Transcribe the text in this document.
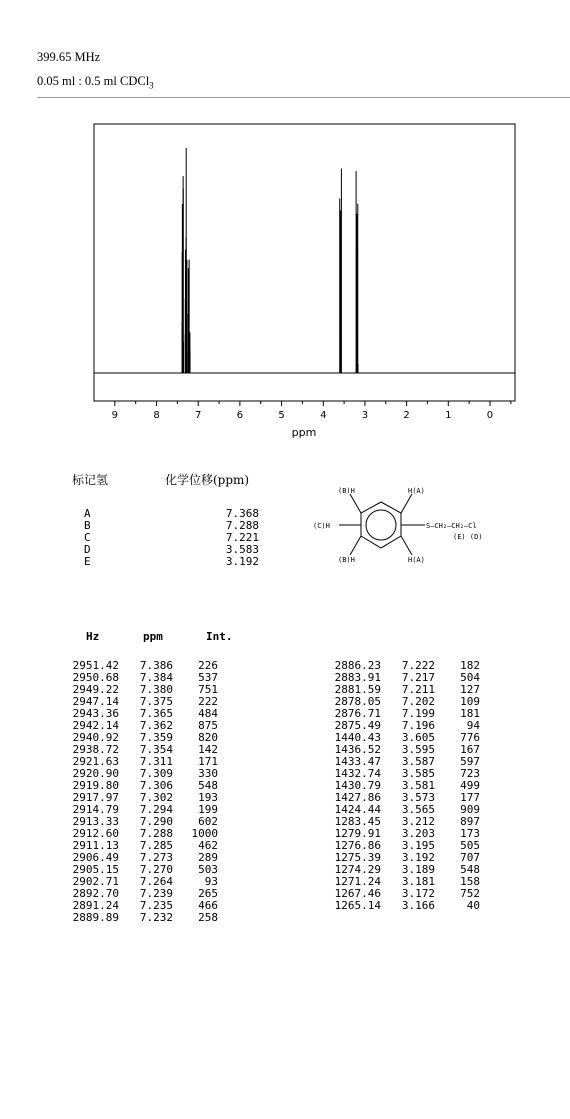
399.65 MHz
0.05 ml : 0.5 ml CDCl$_3$
9	8	7	6	5	4	3	2	1	0
ppm
标记氢	化学位移(ppm)
A	7.368
B	7.288
C	7.221
D	3.583
E	3.192
(B)H	H(A)
(B)H	H(A)
(C)H	S—CH₂—CH₂—Cl
(E) (D)
Hz	ppm	Int.
2951.42	7.386	226
2950.68	7.384	537
2949.22	7.380	751
2947.14	7.375	222
2943.36	7.365	484
2942.14	7.362	875
2940.92	7.359	820
2938.72	7.354	142
2921.63	7.311	171
2920.90	7.309	330
2919.80	7.306	548
2917.97	7.302	193
2914.79	7.294	199
2913.33	7.290	602
2912.60	7.288	1000
2911.13	7.285	462
2906.49	7.273	289
2905.15	7.270	503
2902.71	7.264	93
2892.70	7.239	265
2891.24	7.235	466
2889.89	7.232	258
2886.23	7.222	182
2883.91	7.217	504
2881.59	7.211	127
2878.05	7.202	109
2876.71	7.199	181
2875.49	7.196	94
1440.43	3.605	776
1436.52	3.595	167
1433.47	3.587	597
1432.74	3.585	723
1430.79	3.581	499
1427.86	3.573	177
1424.44	3.565	909
1283.45	3.212	897
1279.91	3.203	173
1276.86	3.195	505
1275.39	3.192	707
1274.29	3.189	548
1271.24	3.181	158
1267.46	3.172	752
1265.14	3.166	40
